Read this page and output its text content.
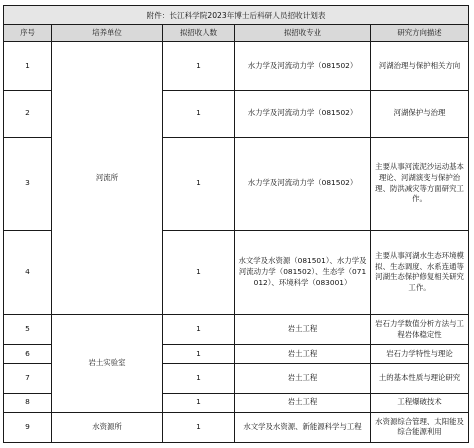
附件：长江科学院2023年博士后科研人员招收计划表				
序号	培养单位	拟招收人数	拟招收专业	研究方向描述
1	河流所	1	水力学及河流动力学（081502）	河湖治理与保护相关方向
2		1	水力学及河流动力学（081502）	河湖保护与治理
3		1	水力学及河流动力学（081502）	主要从事河流泥沙运动基本理论、河湖演变与保护治理、防洪减灾等方面研究工作。
4		1	水文学及水资源（081501）、水力学及河流动力学（081502）、生态学（071012）、环境科学（083001）	主要从事河湖水生态环境模拟、生态调度、水系连通等河湖生态保护修复相关研究工作。
5	岩土实验室	1	岩土工程	岩石力学数值分析方法与工程岩体稳定性
6		1	岩土工程	岩石力学特性与理论
7		1	岩土工程	土的基本性质与理论研究
8		1	岩土工程	工程爆破技术
9	水资源所	1	水文学及水资源、新能源科学与工程	水资源综合管理、太阳能及综合能源利用
